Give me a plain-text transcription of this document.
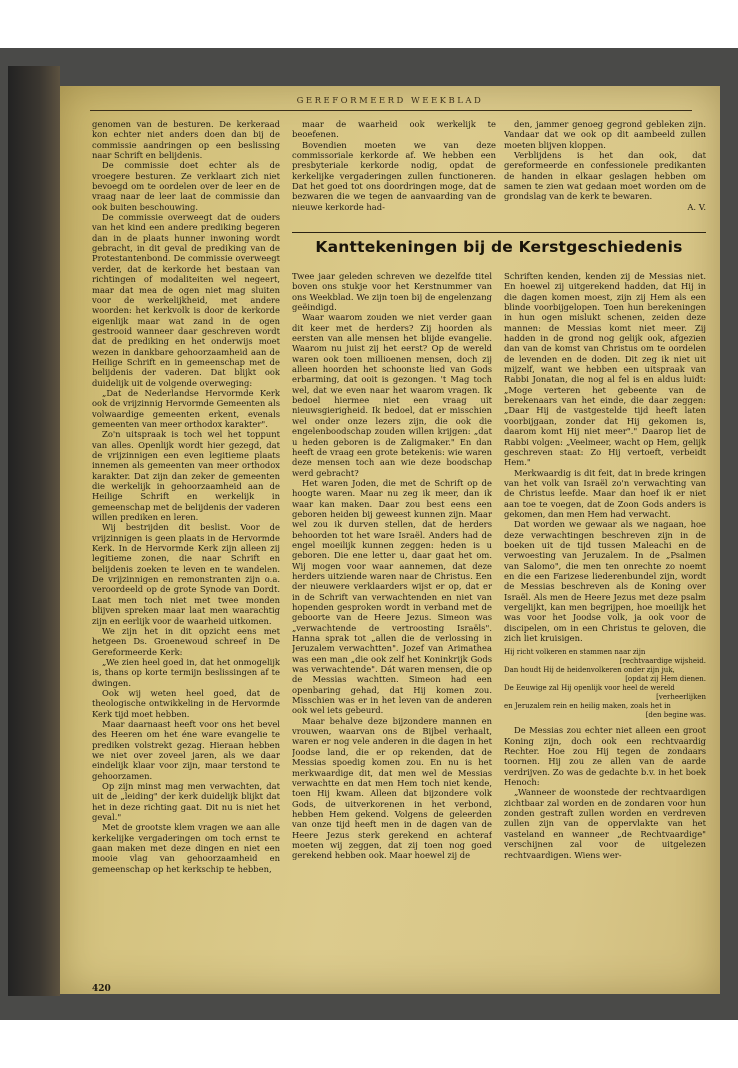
GEREFORMEERD WEEKBLAD

genomen van de besturen. De kerkeraad kon echter niet anders doen dan bij de commissie aandringen op een beslissing naar Schrift en belijdenis.

De commissie doet echter als de vroegere besturen. Ze verklaart zich niet bevoegd om te oordelen over de leer en de vraag naar de leer laat de commissie dan ook buiten beschouwing.

De commissie overweegt dat de ouders van het kind een andere prediking begeren dan in de plaats hunner inwoning wordt gebracht, in dit geval de prediking van de Protestantenbond. De commissie overweegt verder, dat de kerkorde het bestaan van richtingen of modaliteiten wel negeert, maar dat mea de ogen niet mag sluiten voor de werkelijkheid, met andere woorden: het kerkvolk is door de kerkorde eigenlijk maar wat zand in de ogen gestrooid wanneer daar geschreven wordt dat de prediking en het onderwijs moet wezen in dankbare gehoorzaamheid aan de Heilige Schrift en in gemeenschap met de belijdenis der vaderen. Dat blijkt ook duidelijk uit de volgende overweging:

„Dat de Nederlandse Hervormde Kerk ook de vrijzinnig Hervormde Gemeenten als volwaardige gemeenten erkent, evenals gemeenten van meer orthodox karakter".

Zo'n uitspraak is toch wel het toppunt van alles. Openlijk wordt hier gezegd, dat de vrijzinnigen een even legitieme plaats innemen als gemeenten van meer orthodox karakter. Dat zijn dan zeker de gemeenten die werkelijk in gehoorzaamheid aan de Heilige Schrift en werkelijk in gemeenschap met de belijdenis der vaderen willen prediken en leren.

Wij bestrijden dit beslist. Voor de vrijzinnigen is geen plaats in de Hervormde Kerk. In de Hervormde Kerk zijn alleen zij legitieme zonen, die naar Schrift en belijdenis zoeken te leven en te wandelen. De vrijzinnigen en remonstranten zijn o.a. veroordeeld op de grote Synode van Dordt. Laat men toch niet met twee monden blijven spreken maar laat men waarachtig zijn en eerlijk voor de waarheid uitkomen.

We zijn het in dit opzicht eens met hetgeen Ds. Groenewoud schreef in De Gereformeerde Kerk:

„We zien heel goed in, dat het onmogelijk is, thans op korte termijn beslissingen af te dwingen.

Ook wij weten heel goed, dat de theologische ontwikkeling in de Hervormde Kerk tijd moet hebben.

Maar daarnaast heeft voor ons het bevel des Heeren om het éne ware evangelie te prediken volstrekt gezag. Hieraan hebben we niet over zoveel jaren, als we daar eindelijk klaar voor zijn, maar terstond te gehoorzamen.

Op zijn minst mag men verwachten, dat uit de „leiding" der kerk duidelijk blijkt dat het in deze richting gaat. Dit nu is niet het geval."

Met de grootste klem vragen we aan alle kerkelijke vergaderingen om toch ernst te gaan maken met deze dingen en niet een mooie vlag van gehoorzaamheid en gemeenschap op het kerkschip te hebben,

maar de waarheid ook werkelijk te beoefenen.

Bovendien moeten we van deze commissoriale kerkorde af. We hebben een presbyteriale kerkorde nodig, opdat de kerkelijke vergaderingen zullen functioneren. Dat het goed tot ons doordringen moge, dat de bezwaren die we tegen de aanvaarding van de nieuwe kerkorde had-

den, jammer genoeg gegrond gebleken zijn. Vandaar dat we ook op dit aambeeld zullen moeten blijven kloppen.

Verblijdens is het dan ook, dat gereformeerde en confessionele predikanten de handen in elkaar geslagen hebben om samen te zien wat gedaan moet worden om de grondslag van de kerk te bewaren.

A. V.

Kanttekeningen bij de Kerstgeschiedenis

Twee jaar geleden schreven we dezelfde titel boven ons stukje voor het Kerstnummer van ons Weekblad. We zijn toen bij de engelenzang geëindigd.

Waar waarom zouden we niet verder gaan dit keer met de herders? Zij hoorden als eersten van alle mensen het blijde evangelie. Waarom nu juist zij het eerst? Op de wereld waren ook toen millioenen mensen, doch zij alleen hoorden het schoonste lied van Gods erbarming, dat ooit is gezongen. 't Mag toch wel, dat we even naar het waarom vragen. Ik bedoel hiermee niet een vraag uit nieuwsgierigheid. Ik bedoel, dat er misschien wel onder onze lezers zijn, die ook die engelenboodschap zouden willen krijgen: „dat u heden geboren is de Zaligmaker." En dan heeft de vraag een grote betekenis: wie waren deze mensen toch aan wie deze boodschap werd gebracht?

Het waren Joden, die met de Schrift op de hoogte waren. Maar nu zeg ik meer, dan ik waar kan maken. Daar zou best eens een geboren heiden bij geweest kunnen zijn. Maar wel zou ik durven stellen, dat de herders behoorden tot het ware Israël. Anders had de engel moeilijk kunnen zeggen: heden is u geboren. Die ene letter u, daar gaat het om. Wij mogen voor waar aannemen, dat deze herders uitziende waren naar de Christus. Een der nieuwere verklaarders wijst er op, dat er in de Schrift van verwachtenden en niet van hopenden gesproken wordt in verband met de geboorte van de Heere Jezus. Simeon was „verwachtende de vertroosting Israëls". Hanna sprak tot „allen die de verlossing in Jeruzalem verwachtten". Jozef van Arimathea was een man „die ook zelf het Koninkrijk Gods was verwachtende". Dát waren mensen, die op de Messias wachtten. Simeon had een openbaring gehad, dat Hij komen zou. Misschien was er in het leven van de anderen ook wel iets gebeurd.

Maar behalve deze bijzondere mannen en vrouwen, waarvan ons de Bijbel verhaalt, waren er nog vele anderen in die dagen in het Joodse land, die er op rekenden, dat de Messias spoedig komen zou. En nu is het merkwaardige dit, dat men wel de Messias verwachtte en dat men Hem toch niet kende, toen Hij kwam. Alleen dat bijzondere volk Gods, de uitverkorenen in het verbond, hebben Hem gekend. Volgens de geleerden van onze tijd heeft men in de dagen van de Heere Jezus sterk gerekend en achteraf moeten wij zeggen, dat zij toen nog goed gerekend hebben ook. Maar hoewel zij de

Schriften kenden, kenden zij de Messias niet. En hoewel zij uitgerekend hadden, dat Hij in die dagen komen moest, zijn zij Hem als een blinde voorbijgelopen. Toen hun berekeningen in hun ogen mislukt schenen, zeiden deze mannen: de Messias komt niet meer. Zij hadden in de grond nog gelijk ook, afgezien dan van de komst van Christus om te oordelen de levenden en de doden. Dit zeg ik niet uit mijzelf, want we hebben een uitspraak van Rabbi Jonatan, die nog al fel is en aldus luidt: „Moge verteren het gebeente van de berekenaars van het einde, die daar zeggen: „Daar Hij de vastgestelde tijd heeft laten voorbijgaan, zonder dat Hij gekomen is, daarom komt Hij niet meer"." Daarop liet de Rabbi volgen: „Veelmeer, wacht op Hem, gelijk geschreven staat: Zo Hij vertoeft, verbeidt Hem."

Merkwaardig is dit feit, dat in brede kringen van het volk van Israël zo'n verwachting van de Christus leefde. Maar dan hoef ik er niet aan toe te voegen, dat de Zoon Gods anders is gekomen, dan men Hem had verwacht.

Dat worden we gewaar als we nagaan, hoe deze verwachtingen beschreven zijn in de boeken uit de tijd tussen Maleachi en de verwoesting van Jeruzalem. In de „Psalmen van Salomo", die men ten onrechte zo noemt en die een Farizese liederenbundel zijn, wordt de Messias beschreven als de Koning over Israël. Als men de Heere Jezus met deze psalm vergelijkt, kan men begrijpen, hoe moeilijk het was voor het Joodse volk, ja ook voor de discipelen, om in een Christus te geloven, die zich liet kruisigen.

Hij richt volkeren en stammen naar zijn
[rechtvaardige wijsheid.
Dan houdt Hij de heidenvolkeren onder zijn juk,
[opdat zij Hem dienen.
De Eeuwige zal Hij openlijk voor heel de wereld
[verheerlijken
en Jeruzalem rein en heilig maken, zoals het in
[den begine was.

De Messias zou echter niet alleen een groot Koning zijn, doch ook een rechtvaardig Rechter. Hoe zou Hij tegen de zondaars toornen. Hij zou ze allen van de aarde verdrijven. Zo was de gedachte b.v. in het boek Henoch:

„Wanneer de woonstede der rechtvaardigen zichtbaar zal worden en de zondaren voor hun zonden gestraft zullen worden en verdreven zullen zijn van de oppervlakte van het vasteland en wanneer „de Rechtvaardige" verschijnen zal voor de uitgelezen rechtvaardigen. Wiens wer-

420
